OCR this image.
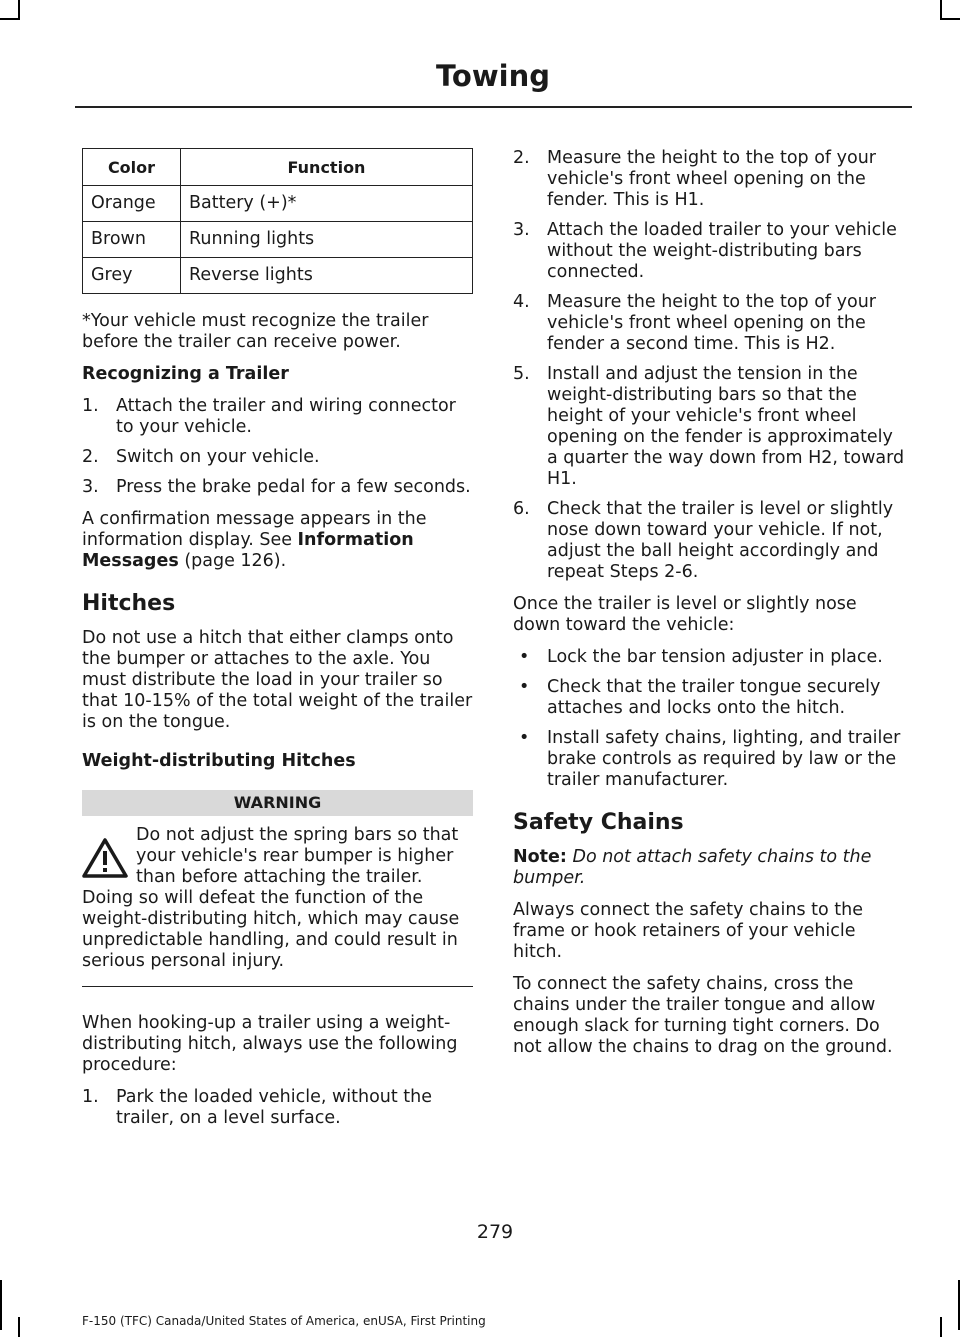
Towing
Color	Function
Orange	Battery (+)*
Brown	Running lights
Grey	Reverse lights

*Your vehicle must recognize the trailer before the trailer can receive power.

Recognizing a Trailer
1. Attach the trailer and wiring connector to your vehicle.
2. Switch on your vehicle.
3. Press the brake pedal for a few seconds.

A confirmation message appears in the information display. See Information Messages (page 126).

Hitches

Do not use a hitch that either clamps onto the bumper or attaches to the axle. You must distribute the load in your trailer so that 10-15% of the total weight of the trailer is on the tongue.

Weight-distributing Hitches
WARNING

Do not adjust the spring bars so that your vehicle's rear bumper is higher than before attaching the trailer. Doing so will defeat the function of the weight-distributing hitch, which may cause unpredictable handling, and could result in serious personal injury.

When hooking-up a trailer using a weight-distributing hitch, always use the following procedure:

1. Park the loaded vehicle, without the trailer, on a level surface.
2. Measure the height to the top of your vehicle's front wheel opening on the fender. This is H1.
3. Attach the loaded trailer to your vehicle without the weight-distributing bars connected.
4. Measure the height to the top of your vehicle's front wheel opening on the fender a second time. This is H2.
5. Install and adjust the tension in the weight-distributing bars so that the height of your vehicle's front wheel opening on the fender is approximately a quarter the way down from H2, toward H1.
6. Check that the trailer is level or slightly nose down toward your vehicle. If not, adjust the ball height accordingly and repeat Steps 2-6.

Once the trailer is level or slightly nose down toward the vehicle:

• Lock the bar tension adjuster in place.
• Check that the trailer tongue securely attaches and locks onto the hitch.
• Install safety chains, lighting, and trailer brake controls as required by law or the trailer manufacturer.
Safety Chains

Note: Do not attach safety chains to the bumper.

Always connect the safety chains to the frame or hook retainers of your vehicle hitch.

To connect the safety chains, cross the chains under the trailer tongue and allow enough slack for turning tight corners. Do not allow the chains to drag on the ground.

279
F-150 (TFC) Canada/United States of America, enUSA, First Printing
